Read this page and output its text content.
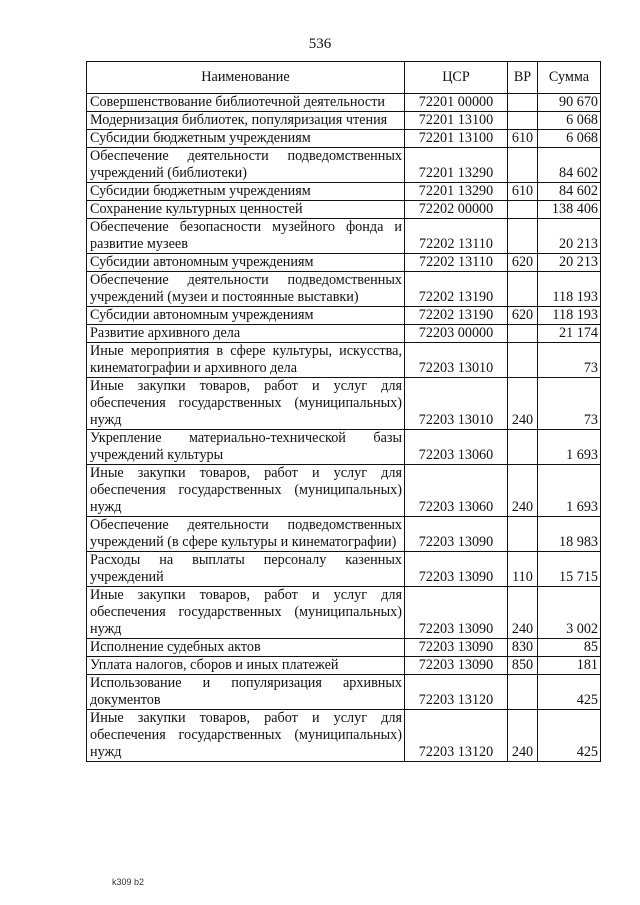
536
Наименование	ЦСР	ВР	Сумма
Совершенствование библиотечной деятельности	72201 00000		90 670
Модернизация библиотек, популяризация чтения	72201 13100		6 068
Субсидии бюджетным учреждениям	72201 13100	610	6 068
Обеспечение деятельности подведомственных учреждений (библиотеки)	72201 13290		84 602
Субсидии бюджетным учреждениям	72201 13290	610	84 602
Сохранение культурных ценностей	72202 00000		138 406
Обеспечение безопасности музейного фонда и развитие музеев	72202 13110		20 213
Субсидии автономным учреждениям	72202 13110	620	20 213
Обеспечение деятельности подведомственных учреждений (музеи и постоянные выставки)	72202 13190		118 193
Субсидии автономным учреждениям	72202 13190	620	118 193
Развитие архивного дела	72203 00000		21 174
Иные мероприятия в сфере культуры, искусства, кинематографии и архивного дела	72203 13010		73
Иные закупки товаров, работ и услуг для обеспечения государственных (муниципальных) нужд	72203 13010	240	73
Укрепление материально-технической базы учреждений культуры	72203 13060		1 693
Иные закупки товаров, работ и услуг для обеспечения государственных (муниципальных) нужд	72203 13060	240	1 693
Обеспечение деятельности подведомственных учреждений (в сфере культуры и кинематографии)	72203 13090		18 983
Расходы на выплаты персоналу казенных учреждений	72203 13090	110	15 715
Иные закупки товаров, работ и услуг для обеспечения государственных (муниципальных) нужд	72203 13090	240	3 002
Исполнение судебных актов	72203 13090	830	85
Уплата налогов, сборов и иных платежей	72203 13090	850	181
Использование и популяризация архивных документов	72203 13120		425
Иные закупки товаров, работ и услуг для обеспечения государственных (муниципальных) нужд	72203 13120	240	425
k309 b2
